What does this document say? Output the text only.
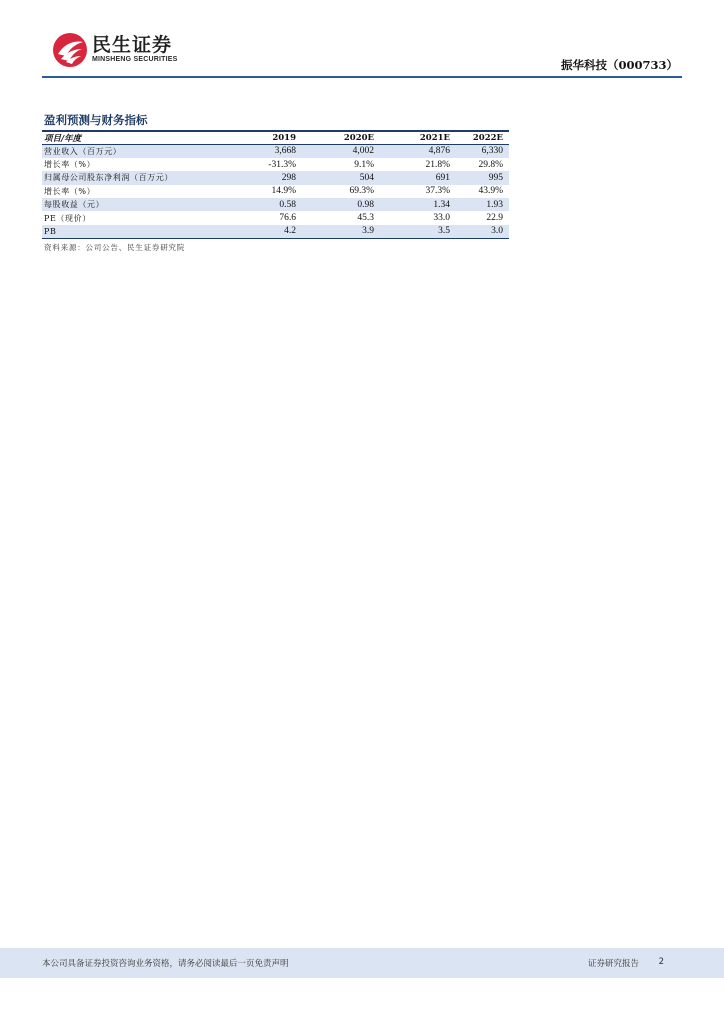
民生证券
MINSHENG SECURITIES	振华科技（000733）
盈利预测与财务指标
项目/年度	2019	2020E	2021E	2022E
营业收入（百万元）	3,668	4,002	4,876	6,330
增长率（%）	-31.3%	9.1%	21.8%	29.8%
归属母公司股东净利润（百万元）	298	504	691	995
增长率（%）	14.9%	69.3%	37.3%	43.9%
每股收益（元）	0.58	0.98	1.34	1.93
PE（现价）	76.6	45.3	33.0	22.9
PB	4.2	3.9	3.5	3.0
资料来源：公司公告、民生证券研究院
本公司具备证券投资咨询业务资格，请务必阅读最后一页免责声明	证券研究报告 2
